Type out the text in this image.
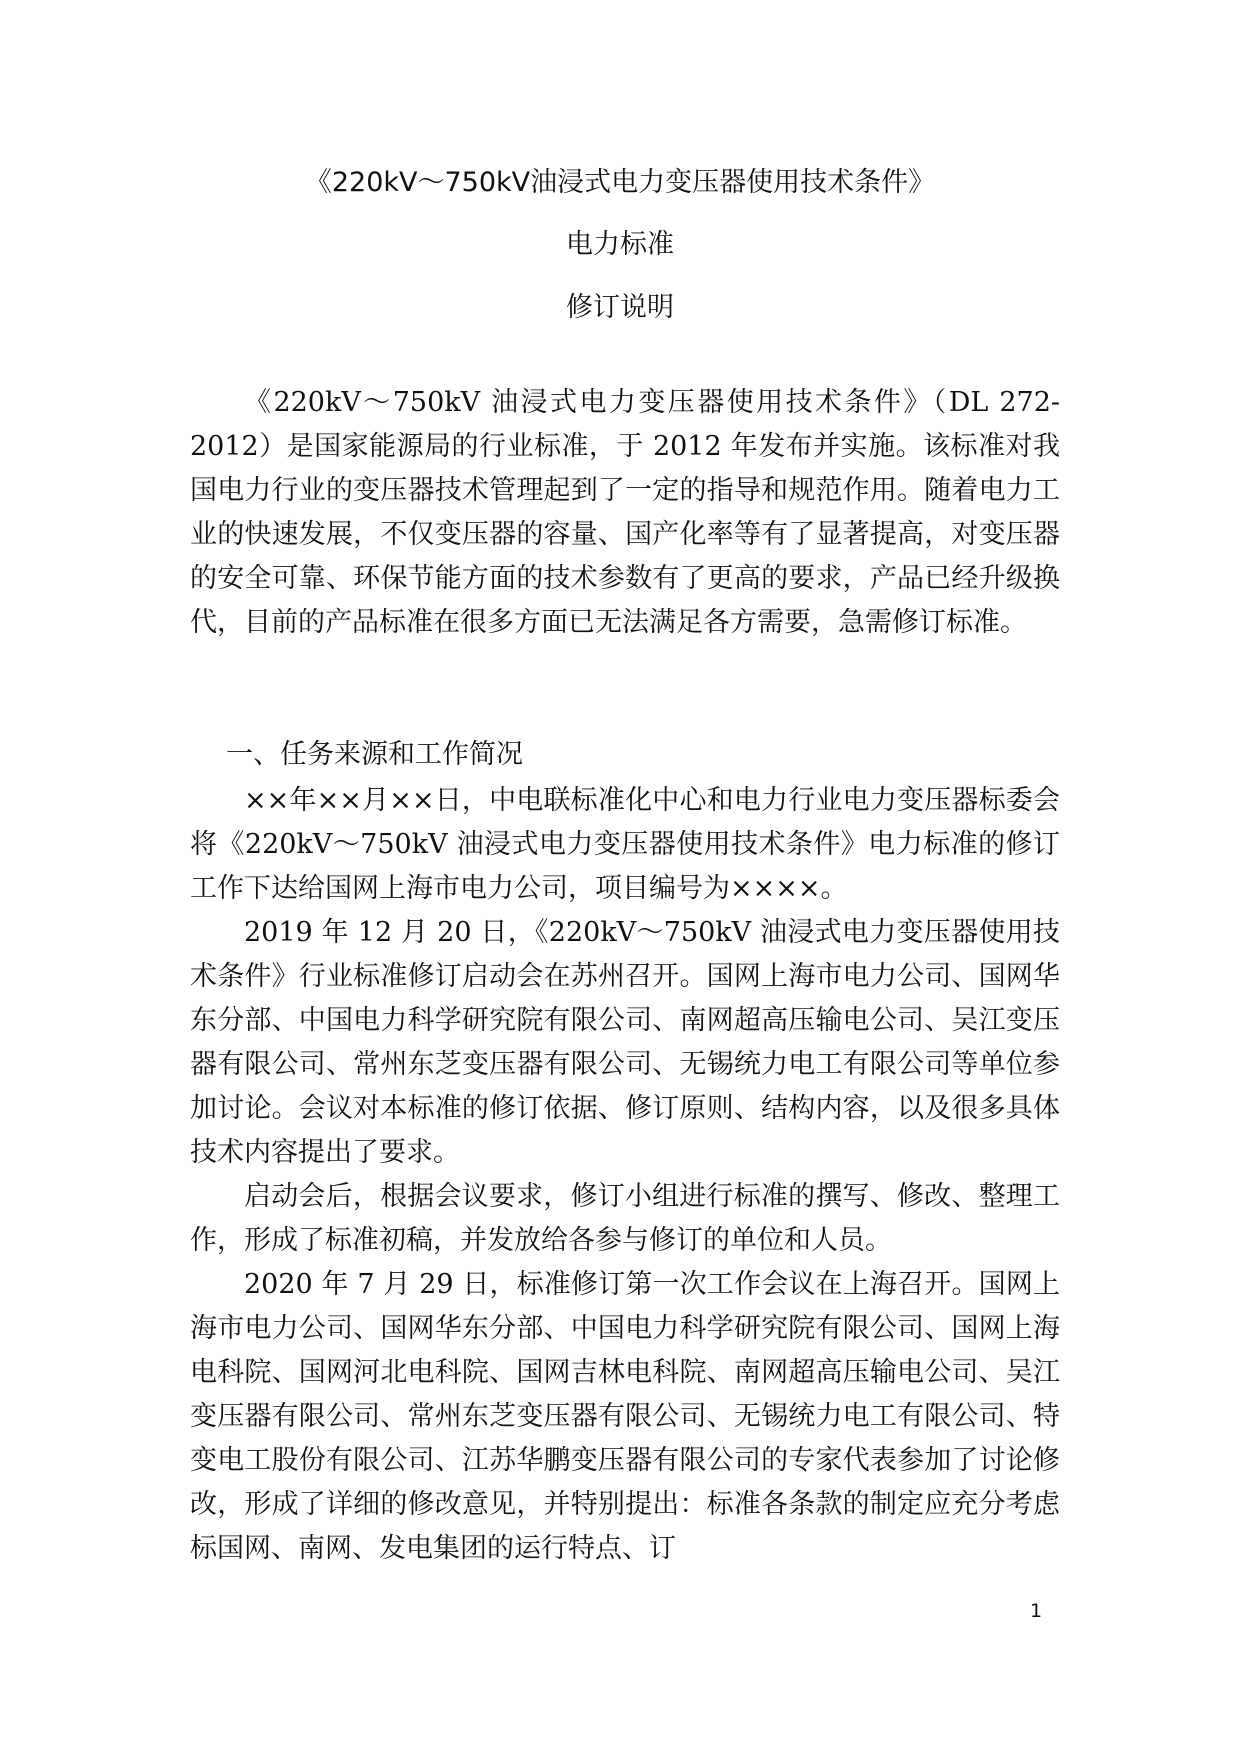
《220kV～750kV油浸式电力变压器使用技术条件》
电力标准
修订说明

《220kV～750kV 油浸式电力变压器使用技术条件》（DL 272-2012）是国家能源局的行业标准，于 2012 年发布并实施。该标准对我国电力行业的变压器技术管理起到了一定的指导和规范作用。随着电力工业的快速发展，不仅变压器的容量、国产化率等有了显著提高，对变压器的安全可靠、环保节能方面的技术参数有了更高的要求，产品已经升级换代，目前的产品标准在很多方面已无法满足各方需要，急需修订标准。

一、任务来源和工作简况

××年××月××日，中电联标准化中心和电力行业电力变压器标委会将《220kV～750kV 油浸式电力变压器使用技术条件》电力标准的修订工作下达给国网上海市电力公司，项目编号为××××。

2019 年 12 月 20 日，《220kV～750kV 油浸式电力变压器使用技术条件》行业标准修订启动会在苏州召开。国网上海市电力公司、国网华东分部、中国电力科学研究院有限公司、南网超高压输电公司、吴江变压器有限公司、常州东芝变压器有限公司、无锡统力电工有限公司等单位参加讨论。会议对本标准的修订依据、修订原则、结构内容，以及很多具体技术内容提出了要求。

启动会后，根据会议要求，修订小组进行标准的撰写、修改、整理工作，形成了标准初稿，并发放给各参与修订的单位和人员。

2020 年 7 月 29 日，标准修订第一次工作会议在上海召开。国网上海市电力公司、国网华东分部、中国电力科学研究院有限公司、国网上海电科院、国网河北电科院、国网吉林电科院、南网超高压输电公司、吴江变压器有限公司、常州东芝变压器有限公司、无锡统力电工有限公司、特变电工股份有限公司、江苏华鹏变压器有限公司的专家代表参加了讨论修改，形成了详细的修改意见，并特别提出：标准各条款的制定应充分考虑标国网、南网、发电集团的运行特点、订

1
